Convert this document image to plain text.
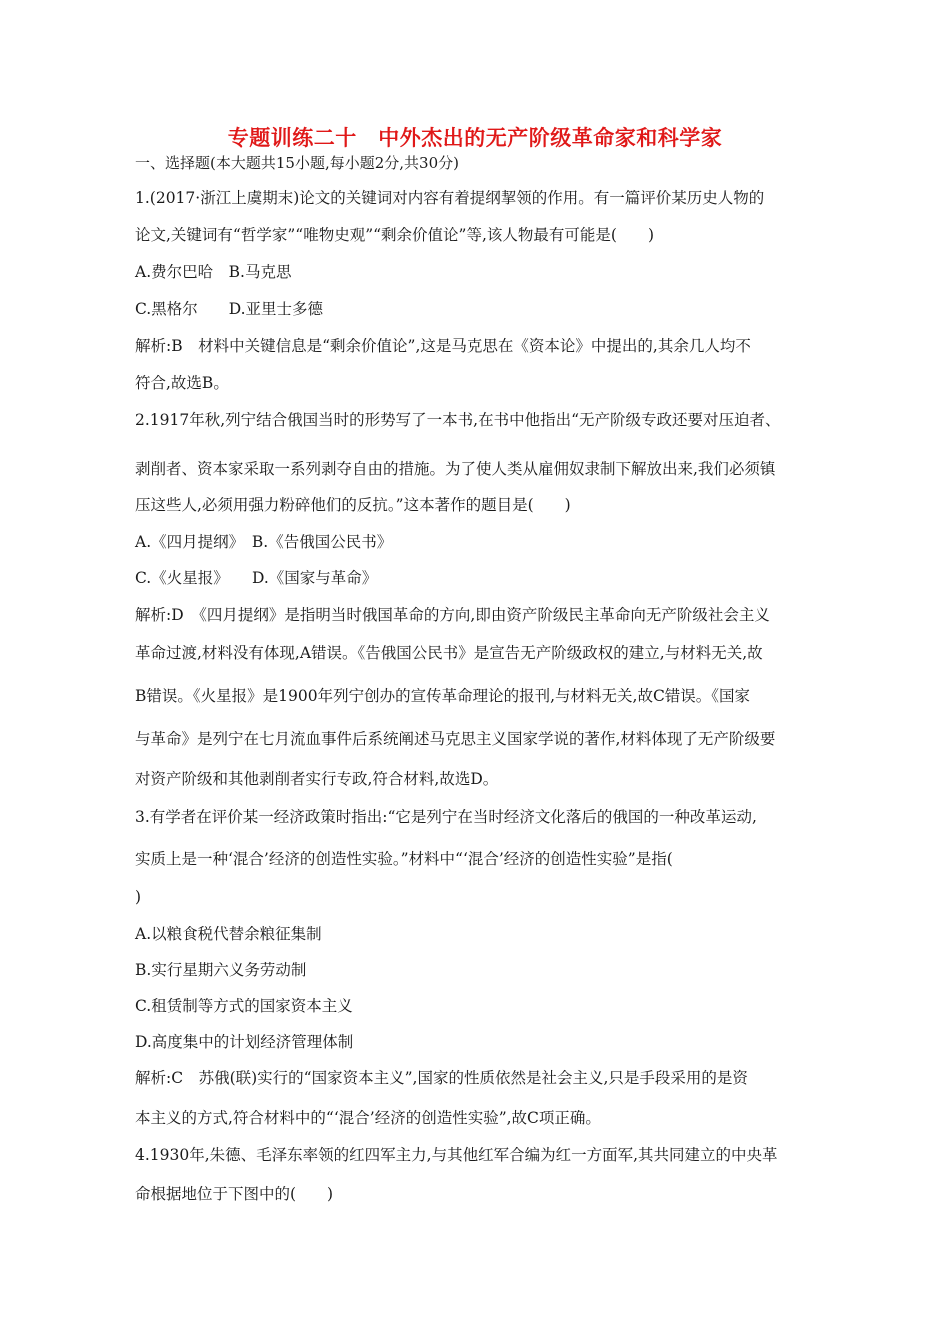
专题训练二十　中外杰出的无产阶级革命家和科学家
一、选择题(本大题共15小题,每小题2分,共30分)
1.(2017·浙江上虞期末)论文的关键词对内容有着提纲挈领的作用。有一篇评价某历史人物的
论文,关键词有“哲学家”“唯物史观”“剩余价值论”等,该人物最有可能是(　　)
A.费尔巴哈　B.马克思
C.黑格尔　　D.亚里士多德
解析:B　材料中关键信息是“剩余价值论”,这是马克思在《资本论》中提出的,其余几人均不
符合,故选B。
2.1917年秋,列宁结合俄国当时的形势写了一本书,在书中他指出“无产阶级专政还要对压迫者、
剥削者、资本家采取一系列剥夺自由的措施。为了使人类从雇佣奴隶制下解放出来,我们必须镇
压这些人,必须用强力粉碎他们的反抗。”这本著作的题目是(　　)
A.《四月提纲》　B.《告俄国公民书》
C.《火星报》　　D.《国家与革命》
解析:D　《四月提纲》是指明当时俄国革命的方向,即由资产阶级民主革命向无产阶级社会主义
革命过渡,材料没有体现,A错误。《告俄国公民书》是宣告无产阶级政权的建立,与材料无关,故
B错误。《火星报》是1900年列宁创办的宣传革命理论的报刊,与材料无关,故C错误。《国家
与革命》是列宁在七月流血事件后系统阐述马克思主义国家学说的著作,材料体现了无产阶级要
对资产阶级和其他剥削者实行专政,符合材料,故选D。
3.有学者在评价某一经济政策时指出:“它是列宁在当时经济文化落后的俄国的一种改革运动,
实质上是一种‘混合’经济的创造性实验。”材料中“‘混合’经济的创造性实验”是指(
)
A.以粮食税代替余粮征集制
B.实行星期六义务劳动制
C.租赁制等方式的国家资本主义
D.高度集中的计划经济管理体制
解析:C　苏俄(联)实行的“国家资本主义”,国家的性质依然是社会主义,只是手段采用的是资
本主义的方式,符合材料中的“‘混合’经济的创造性实验”,故C项正确。
4.1930年,朱德、毛泽东率领的红四军主力,与其他红军合编为红一方面军,其共同建立的中央革
命根据地位于下图中的(　　)
